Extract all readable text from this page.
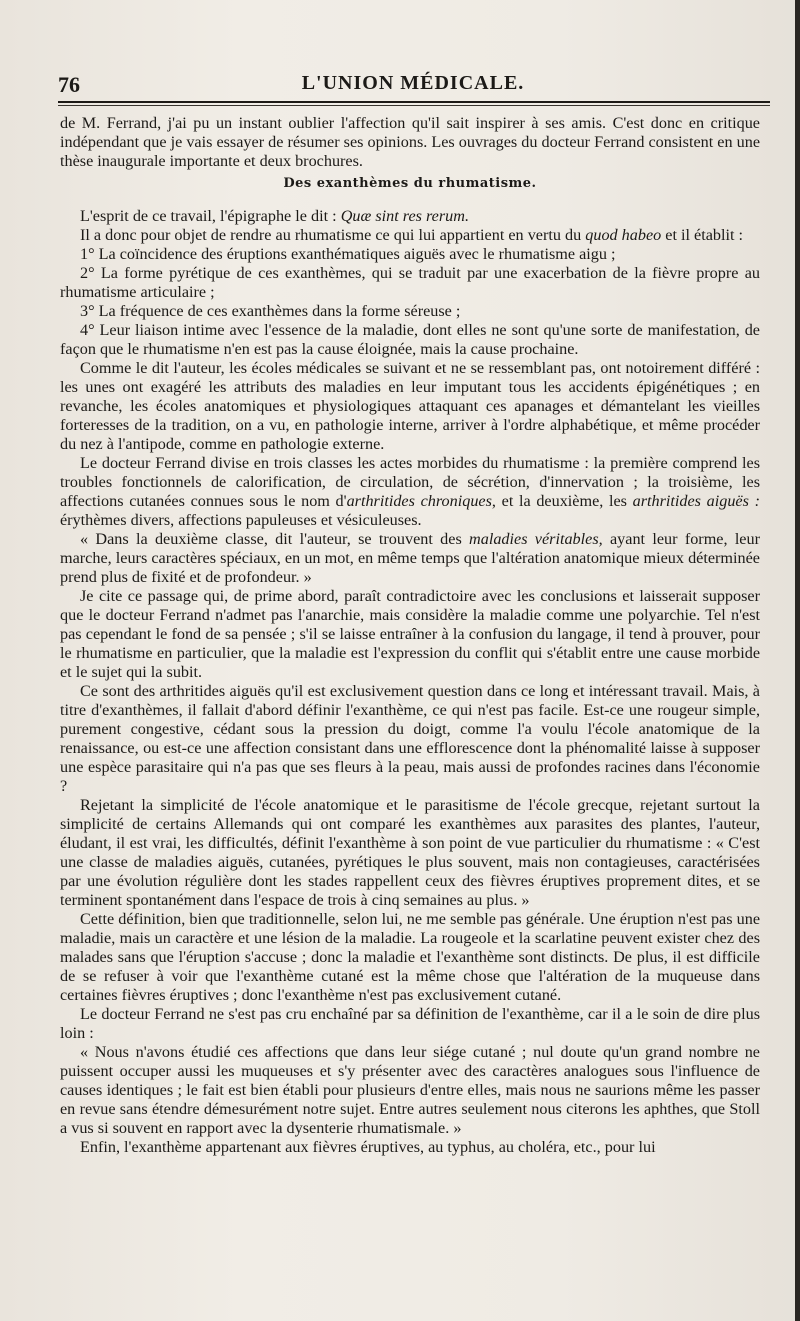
76	L'UNION MÉDICALE.

de M. Ferrand, j'ai pu un instant oublier l'affection qu'il sait inspirer à ses amis. C'est donc en critique indépendant que je vais essayer de résumer ses opinions. Les ouvrages du docteur Ferrand consistent en une thèse inaugurale importante et deux brochures.

Des exanthèmes du rhumatisme.

L'esprit de ce travail, l'épigraphe le dit : Quæ sint res rerum.

Il a donc pour objet de rendre au rhumatisme ce qui lui appartient en vertu du quod habeo et il établit :

1° La coïncidence des éruptions exanthématiques aiguës avec le rhumatisme aigu ;

2° La forme pyrétique de ces exanthèmes, qui se traduit par une exacerbation de la fièvre propre au rhumatisme articulaire ;

3° La fréquence de ces exanthèmes dans la forme séreuse ;

4° Leur liaison intime avec l'essence de la maladie, dont elles ne sont qu'une sorte de manifestation, de façon que le rhumatisme n'en est pas la cause éloignée, mais la cause prochaine.

Comme le dit l'auteur, les écoles médicales se suivant et ne se ressemblant pas, ont notoirement différé : les unes ont exagéré les attributs des maladies en leur imputant tous les accidents épigénétiques ; en revanche, les écoles anatomiques et physiologiques attaquant ces apanages et démantelant les vieilles forteresses de la tradition, on a vu, en pathologie interne, arriver à l'ordre alphabétique, et même procéder du nez à l'antipode, comme en pathologie externe.

Le docteur Ferrand divise en trois classes les actes morbides du rhumatisme : la première comprend les troubles fonctionnels de calorification, de circulation, de sécrétion, d'innervation ; la troisième, les affections cutanées connues sous le nom d'arthritides chroniques, et la deuxième, les arthritides aiguës : érythèmes divers, affections papuleuses et vésiculeuses.

« Dans la deuxième classe, dit l'auteur, se trouvent des maladies véritables, ayant leur forme, leur marche, leurs caractères spéciaux, en un mot, en même temps que l'altération anatomique mieux déterminée prend plus de fixité et de profondeur. »

Je cite ce passage qui, de prime abord, paraît contradictoire avec les conclusions et laisserait supposer que le docteur Ferrand n'admet pas l'anarchie, mais considère la maladie comme une polyarchie. Tel n'est pas cependant le fond de sa pensée ; s'il se laisse entraîner à la confusion du langage, il tend à prouver, pour le rhumatisme en particulier, que la maladie est l'expression du conflit qui s'établit entre une cause morbide et le sujet qui la subit.

Ce sont des arthritides aiguës qu'il est exclusivement question dans ce long et intéressant travail. Mais, à titre d'exanthèmes, il fallait d'abord définir l'exanthème, ce qui n'est pas facile. Est-ce une rougeur simple, purement congestive, cédant sous la pression du doigt, comme l'a voulu l'école anatomique de la renaissance, ou est-ce une affection consistant dans une efflorescence dont la phénomalité laisse à supposer une espèce parasitaire qui n'a pas que ses fleurs à la peau, mais aussi de profondes racines dans l'économie ?

Rejetant la simplicité de l'école anatomique et le parasitisme de l'école grecque, rejetant surtout la simplicité de certains Allemands qui ont comparé les exanthèmes aux parasites des plantes, l'auteur, éludant, il est vrai, les difficultés, définit l'exanthème à son point de vue particulier du rhumatisme : « C'est une classe de maladies aiguës, cutanées, pyrétiques le plus souvent, mais non contagieuses, caractérisées par une évolution régulière dont les stades rappellent ceux des fièvres éruptives proprement dites, et se terminent spontanément dans l'espace de trois à cinq semaines au plus. »

Cette définition, bien que traditionnelle, selon lui, ne me semble pas générale. Une éruption n'est pas une maladie, mais un caractère et une lésion de la maladie. La rougeole et la scarlatine peuvent exister chez des malades sans que l'éruption s'accuse ; donc la maladie et l'exanthème sont distincts. De plus, il est difficile de se refuser à voir que l'exanthème cutané est la même chose que l'altération de la muqueuse dans certaines fièvres éruptives ; donc l'exanthème n'est pas exclusivement cutané.

Le docteur Ferrand ne s'est pas cru enchaîné par sa définition de l'exanthème, car il a le soin de dire plus loin :

« Nous n'avons étudié ces affections que dans leur siége cutané ; nul doute qu'un grand nombre ne puissent occuper aussi les muqueuses et s'y présenter avec des caractères analogues sous l'influence de causes identiques ; le fait est bien établi pour plusieurs d'entre elles, mais nous ne saurions même les passer en revue sans étendre démesurément notre sujet. Entre autres seulement nous citerons les aphthes, que Stoll a vus si souvent en rapport avec la dysenterie rhumatismale. »

Enfin, l'exanthème appartenant aux fièvres éruptives, au typhus, au choléra, etc., pour lui
